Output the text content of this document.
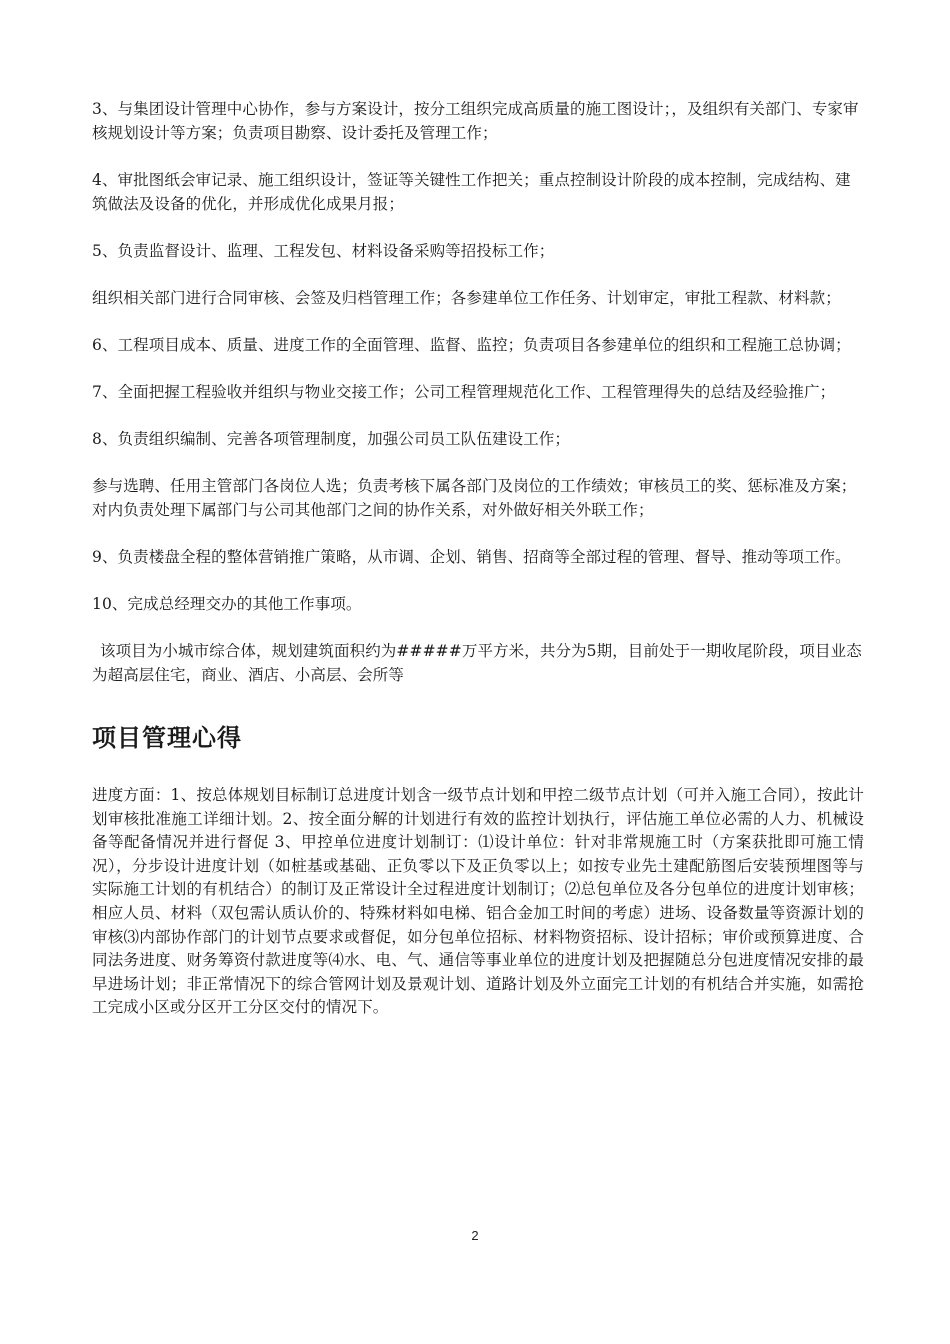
3、与集团设计管理中心协作，参与方案设计，按分工组织完成高质量的施工图设计；，及组织有关部门、专家审核规划设计等方案；负责项目勘察、设计委托及管理工作；

4、审批图纸会审记录、施工组织设计，签证等关键性工作把关；重点控制设计阶段的成本控制，完成结构、建筑做法及设备的优化，并形成优化成果月报；

5、负责监督设计、监理、工程发包、材料设备采购等招投标工作；

组织相关部门进行合同审核、会签及归档管理工作；各参建单位工作任务、计划审定，审批工程款、材料款；

6、工程项目成本、质量、进度工作的全面管理、监督、监控；负责项目各参建单位的组织和工程施工总协调；

7、全面把握工程验收并组织与物业交接工作；公司工程管理规范化工作、工程管理得失的总结及经验推广；

8、负责组织编制、完善各项管理制度，加强公司员工队伍建设工作；

参与选聘、任用主管部门各岗位人选；负责考核下属各部门及岗位的工作绩效；审核员工的奖、惩标准及方案；对内负责处理下属部门与公司其他部门之间的协作关系，对外做好相关外联工作；

9、负责楼盘全程的整体营销推广策略，从市调、企划、销售、招商等全部过程的管理、督导、推动等项工作。

10、完成总经理交办的其他工作事项。

该项目为小城市综合体，规划建筑面积约为#####万平方米，共分为5期，目前处于一期收尾阶段，项目业态为超高层住宅，商业、酒店、小高层、会所等

项目管理心得

进度方面：1、按总体规划目标制订总进度计划含一级节点计划和甲控二级节点计划（可并入施工合同），按此计划审核批准施工详细计划。2、按全面分解的计划进行有效的监控计划执行，评估施工单位必需的人力、机械设备等配备情况并进行督促 3、甲控单位进度计划制订：⑴设计单位：针对非常规施工时（方案获批即可施工情况），分步设计进度计划（如桩基或基础、正负零以下及正负零以上；如按专业先土建配筋图后安装预埋图等与实际施工计划的有机结合）的制订及正常设计全过程进度计划制订；⑵总包单位及各分包单位的进度计划审核；相应人员、材料（双包需认质认价的、特殊材料如电梯、铝合金加工时间的考虑）进场、设备数量等资源计划的审核⑶内部协作部门的计划节点要求或督促，如分包单位招标、材料物资招标、设计招标；审价或预算进度、合同法务进度、财务筹资付款进度等⑷水、电、气、通信等事业单位的进度计划及把握随总分包进度情况安排的最早进场计划；非正常情况下的综合管网计划及景观计划、道路计划及外立面完工计划的有机结合并实施，如需抢工完成小区或分区开工分区交付的情况下。

2
